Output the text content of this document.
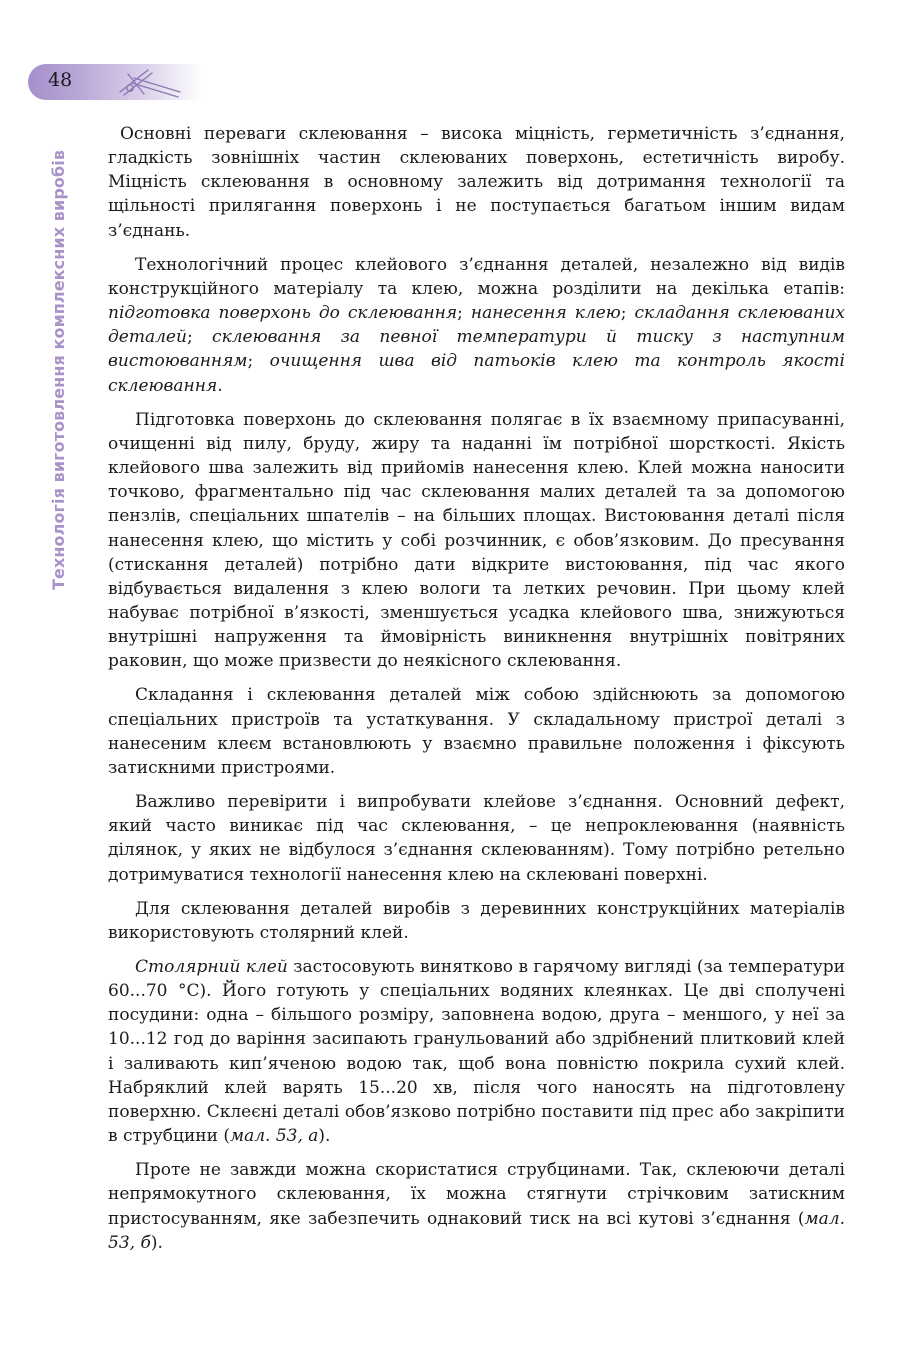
48
Технологія виготовлення комплексних виробів

Основні переваги склеювання – висока міцність, герметичність з’єднання, гладкість зовнішніх частин склеюваних поверхонь, естетичність виробу. Міцність склеювання в основному залежить від дотримання технології та щільності прилягання поверхонь і не поступається багатьом іншим видам з’єднань.

Технологічний процес клейового з’єднання деталей, незалежно від видів конструкційного матеріалу та клею, можна розділити на декілька етапів: підготовка поверхонь до склеювання; нанесення клею; складання склеюваних деталей; склеювання за певної температури й тиску з наступним вистоюванням; очищення шва від патьоків клею та контроль якості склеювання.

Підготовка поверхонь до склеювання полягає в їх взаємному припасуванні, очищенні від пилу, бруду, жиру та наданні їм потрібної шорсткості. Якість клейового шва залежить від прийомів нанесення клею. Клей можна наносити точково, фрагментально під час склеювання малих деталей та за допомогою пензлів, спеціальних шпателів – на більших площах. Вистоювання деталі після нанесення клею, що містить у собі розчинник, є обов’язковим. До пресування (стискання деталей) потрібно дати відкрите вистоювання, під час якого відбувається видалення з клею вологи та летких речовин. При цьому клей набуває потрібної в’язкості, зменшується усадка клейового шва, знижуються внутрішні напруження та ймовірність виникнення внутрішніх повітряних раковин, що може призвести до неякісного склеювання.

Складання і склеювання деталей між собою здійснюють за допомогою спеціальних пристроїв та устаткування. У складальному пристрої деталі з нанесеним клеєм встановлюють у взаємно правильне положення і фіксують затискними пристроями.

Важливо перевірити і випробувати клейове з’єднання. Основний дефект, який часто виникає під час склеювання, – це непроклеювання (наявність ділянок, у яких не відбулося з’єднання склеюванням). Тому потрібно ретельно дотримуватися технології нанесення клею на склеювані поверхні.

Для склеювання деталей виробів з деревинних конструкційних матеріалів використовують столярний клей.

Столярний клей застосовують винятково в гарячому вигляді (за температури 60...70 °С). Його готують у спеціальних водяних клеянках. Це дві сполучені посудини: одна – більшого розміру, заповнена водою, друга – меншого, у неї за 10...12 год до варіння засипають гранульований або здрібнений плитковий клей і заливають кип’яченою водою так, щоб вона повністю покрила сухий клей. Набряклий клей варять 15...20 хв, після чого наносять на підготовлену поверхню. Склеєні деталі обов’язково потрібно поставити під прес або закріпити в струбцини (мал. 53, а).

Проте не завжди можна скористатися струбцинами. Так, склеюючи деталі непрямокутного склеювання, їх можна стягнути стрічковим затискним пристосуванням, яке забезпечить однаковий тиск на всі кутові з’єднання (мал. 53, б).
